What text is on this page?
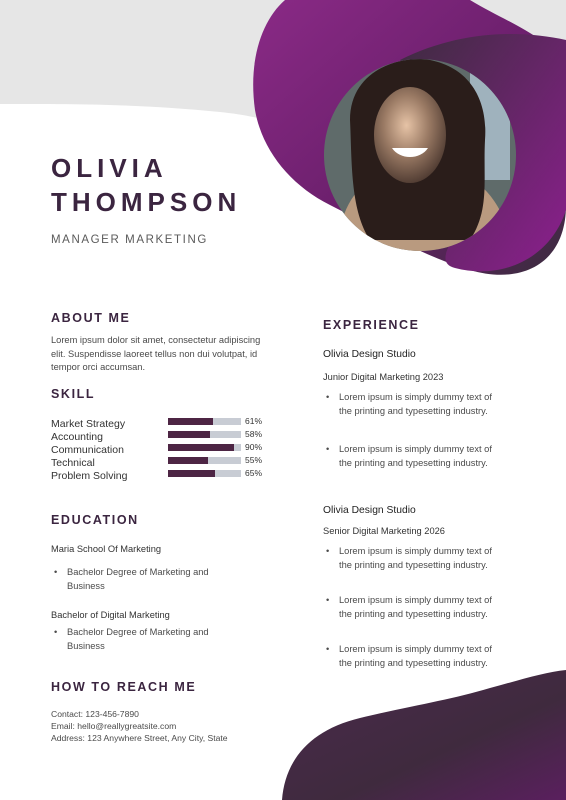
OLIVIA
THOMPSON
MANAGER MARKETING
ABOUT ME
Lorem ipsum dolor sit amet, consectetur adipiscing elit. Suspendisse laoreet tellus non dui volutpat, id tempor orci accumsan.
SKILL
Market Strategy	61%
Accounting	58%
Communication	90%
Technical	55%
Problem Solving	65%
EDUCATION
Maria School Of Marketing
• Bachelor Degree of Marketing and Business
Bachelor of Digital Marketing
• Bachelor Degree of Marketing and Business
HOW TO REACH ME
Contact: 123-456-7890
Email: hello@reallygreatsite.com
Address: 123 Anywhere Street, Any City, State
EXPERIENCE
Olivia Design Studio
Junior Digital Marketing 2023
• Lorem ipsum is simply dummy text of the printing and typesetting industry.
• Lorem ipsum is simply dummy text of the printing and typesetting industry.
Olivia Design Studio
Senior Digital Marketing 2026
• Lorem ipsum is simply dummy text of the printing and typesetting industry.
• Lorem ipsum is simply dummy text of the printing and typesetting industry.
• Lorem ipsum is simply dummy text of the printing and typesetting industry.
